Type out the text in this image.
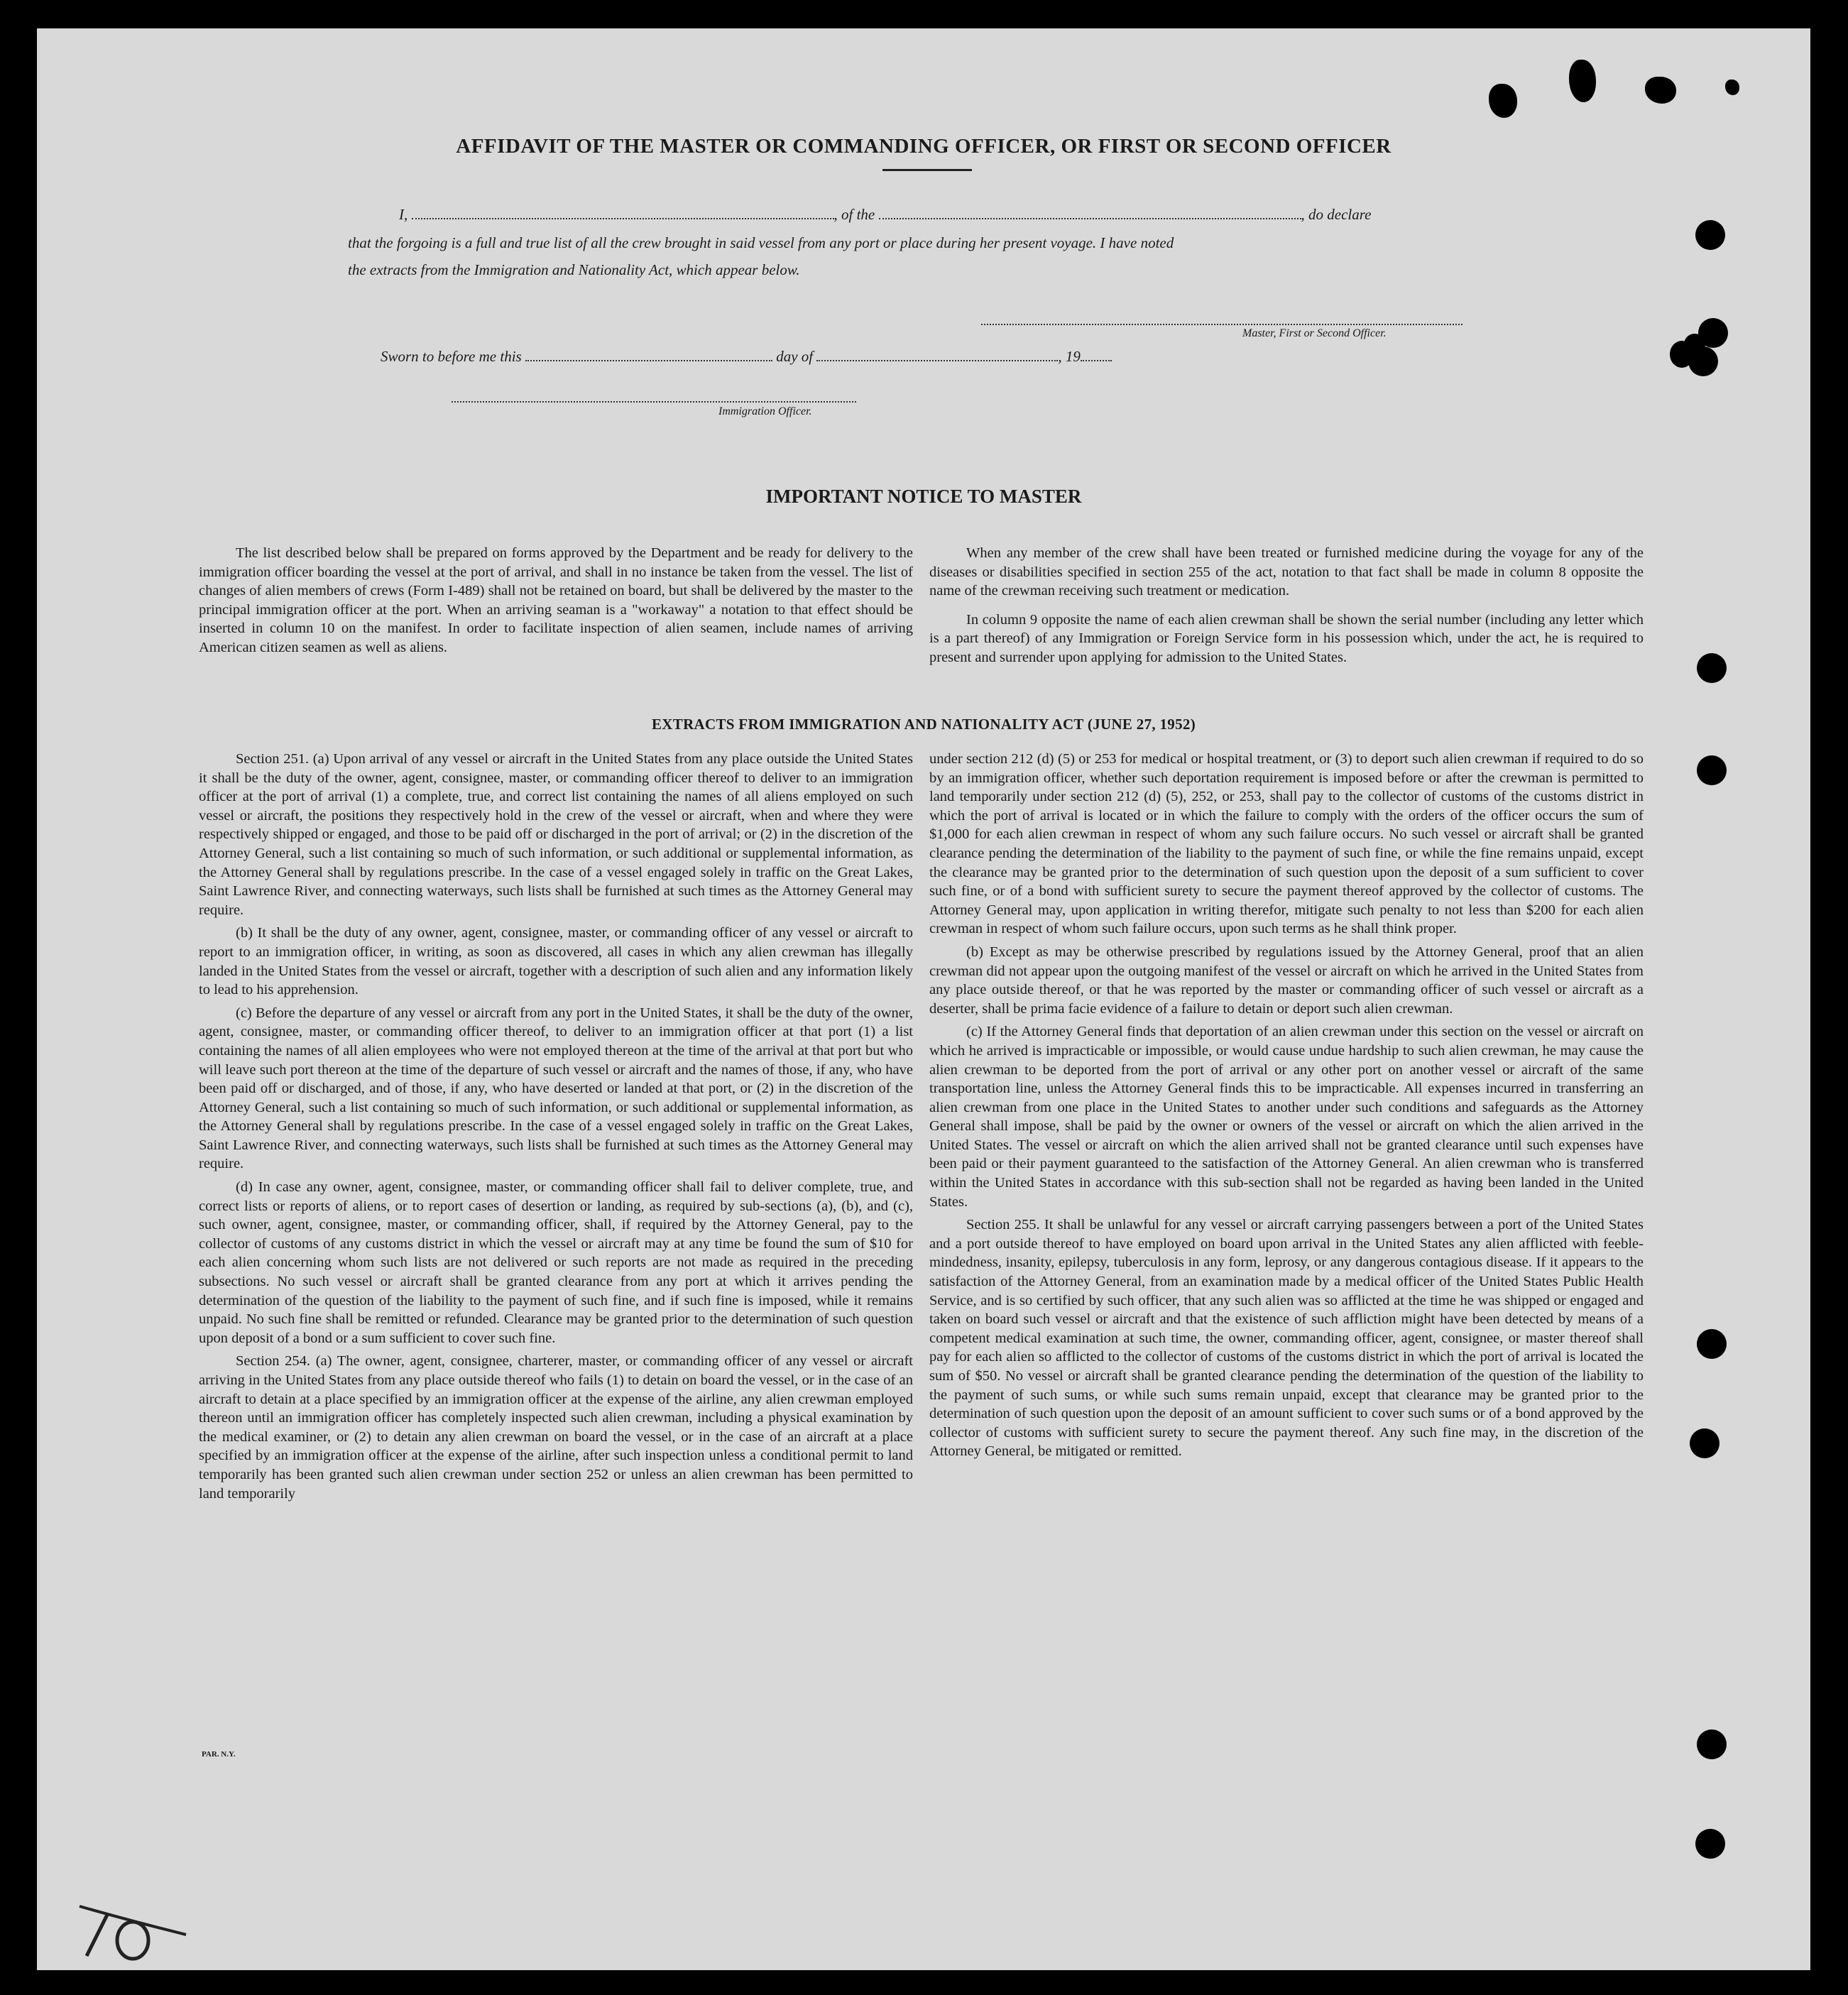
AFFIDAVIT OF THE MASTER OR COMMANDING OFFICER, OR FIRST OR SECOND OFFICER
I,	, of the	, do declare
that the forgoing is a full and true list of all the crew brought in said vessel from any port or place during her present voyage. I have noted
the extracts from the Immigration and Nationality Act, which appear below.
Master, First or Second Officer.
Sworn to before me this	day of	, 19
Immigration Officer.
IMPORTANT NOTICE TO MASTER

The list described below shall be prepared on forms approved by the Department and be ready for delivery to the immigration officer boarding the vessel at the port of arrival, and shall in no instance be taken from the vessel. The list of changes of alien members of crews (Form I-489) shall not be retained on board, but shall be delivered by the master to the principal immigration officer at the port. When an arriving seaman is a "workaway" a notation to that effect should be inserted in column 10 on the manifest. In order to facilitate inspection of alien seamen, include names of arriving American citizen seamen as well as aliens.

When any member of the crew shall have been treated or furnished medicine during the voyage for any of the diseases or disabilities specified in section 255 of the act, notation to that fact shall be made in column 8 opposite the name of the crewman receiving such treatment or medication.

In column 9 opposite the name of each alien crewman shall be shown the serial number (including any letter which is a part thereof) of any Immigration or Foreign Service form in his possession which, under the act, he is required to present and surrender upon applying for admission to the United States.

EXTRACTS FROM IMMIGRATION AND NATIONALITY ACT (JUNE 27, 1952)

Section 251. (a) Upon arrival of any vessel or aircraft in the United States from any place outside the United States it shall be the duty of the owner, agent, consignee, master, or commanding officer thereof to deliver to an immigration officer at the port of arrival (1) a complete, true, and correct list containing the names of all aliens employed on such vessel or aircraft, the positions they respectively hold in the crew of the vessel or aircraft, when and where they were respectively shipped or engaged, and those to be paid off or discharged in the port of arrival; or (2) in the discretion of the Attorney General, such a list containing so much of such information, or such additional or supplemental information, as the Attorney General shall by regulations prescribe. In the case of a vessel engaged solely in traffic on the Great Lakes, Saint Lawrence River, and connecting waterways, such lists shall be furnished at such times as the Attorney General may require.

(b) It shall be the duty of any owner, agent, consignee, master, or commanding officer of any vessel or aircraft to report to an immigration officer, in writing, as soon as discovered, all cases in which any alien crewman has illegally landed in the United States from the vessel or aircraft, together with a description of such alien and any information likely to lead to his apprehension.

(c) Before the departure of any vessel or aircraft from any port in the United States, it shall be the duty of the owner, agent, consignee, master, or commanding officer thereof, to deliver to an immigration officer at that port (1) a list containing the names of all alien employees who were not employed thereon at the time of the arrival at that port but who will leave such port thereon at the time of the departure of such vessel or aircraft and the names of those, if any, who have been paid off or discharged, and of those, if any, who have deserted or landed at that port, or (2) in the discretion of the Attorney General, such a list containing so much of such information, or such additional or supplemental information, as the Attorney General shall by regulations prescribe. In the case of a vessel engaged solely in traffic on the Great Lakes, Saint Lawrence River, and connecting waterways, such lists shall be furnished at such times as the Attorney General may require.

(d) In case any owner, agent, consignee, master, or commanding officer shall fail to deliver complete, true, and correct lists or reports of aliens, or to report cases of desertion or landing, as required by sub-sections (a), (b), and (c), such owner, agent, consignee, master, or commanding officer, shall, if required by the Attorney General, pay to the collector of customs of any customs district in which the vessel or aircraft may at any time be found the sum of $10 for each alien concerning whom such lists are not delivered or such reports are not made as required in the preceding subsections. No such vessel or aircraft shall be granted clearance from any port at which it arrives pending the determination of the question of the liability to the payment of such fine, and if such fine is imposed, while it remains unpaid. No such fine shall be remitted or refunded. Clearance may be granted prior to the determination of such question upon deposit of a bond or a sum sufficient to cover such fine.

Section 254. (a) The owner, agent, consignee, charterer, master, or commanding officer of any vessel or aircraft arriving in the United States from any place outside thereof who fails (1) to detain on board the vessel, or in the case of an aircraft to detain at a place specified by an immigration officer at the expense of the airline, any alien crewman employed thereon until an immigration officer has completely inspected such alien crewman, including a physical examination by the medical examiner, or (2) to detain any alien crewman on board the vessel, or in the case of an aircraft at a place specified by an immigration officer at the expense of the airline, after such inspection unless a conditional permit to land temporarily has been granted such alien crewman under section 252 or unless an alien crewman has been permitted to land temporarily

under section 212 (d) (5) or 253 for medical or hospital treatment, or (3) to deport such alien crewman if required to do so by an immigration officer, whether such deportation requirement is imposed before or after the crewman is permitted to land temporarily under section 212 (d) (5), 252, or 253, shall pay to the collector of customs of the customs district in which the port of arrival is located or in which the failure to comply with the orders of the officer occurs the sum of $1,000 for each alien crewman in respect of whom any such failure occurs. No such vessel or aircraft shall be granted clearance pending the determination of the liability to the payment of such fine, or while the fine remains unpaid, except the clearance may be granted prior to the determination of such question upon the deposit of a sum sufficient to cover such fine, or of a bond with sufficient surety to secure the payment thereof approved by the collector of customs. The Attorney General may, upon application in writing therefor, mitigate such penalty to not less than $200 for each alien crewman in respect of whom such failure occurs, upon such terms as he shall think proper.

(b) Except as may be otherwise prescribed by regulations issued by the Attorney General, proof that an alien crewman did not appear upon the outgoing manifest of the vessel or aircraft on which he arrived in the United States from any place outside thereof, or that he was reported by the master or commanding officer of such vessel or aircraft as a deserter, shall be prima facie evidence of a failure to detain or deport such alien crewman.

(c) If the Attorney General finds that deportation of an alien crewman under this section on the vessel or aircraft on which he arrived is impracticable or impossible, or would cause undue hardship to such alien crewman, he may cause the alien crewman to be deported from the port of arrival or any other port on another vessel or aircraft of the same transportation line, unless the Attorney General finds this to be impracticable. All expenses incurred in transferring an alien crewman from one place in the United States to another under such conditions and safeguards as the Attorney General shall impose, shall be paid by the owner or owners of the vessel or aircraft on which the alien arrived in the United States. The vessel or aircraft on which the alien arrived shall not be granted clearance until such expenses have been paid or their payment guaranteed to the satisfaction of the Attorney General. An alien crewman who is transferred within the United States in accordance with this sub-section shall not be regarded as having been landed in the United States.

Section 255. It shall be unlawful for any vessel or aircraft carrying passengers between a port of the United States and a port outside thereof to have employed on board upon arrival in the United States any alien afflicted with feeble-mindedness, insanity, epilepsy, tuberculosis in any form, leprosy, or any dangerous contagious disease. If it appears to the satisfaction of the Attorney General, from an examination made by a medical officer of the United States Public Health Service, and is so certified by such officer, that any such alien was so afflicted at the time he was shipped or engaged and taken on board such vessel or aircraft and that the existence of such affliction might have been detected by means of a competent medical examination at such time, the owner, commanding officer, agent, consignee, or master thereof shall pay for each alien so afflicted to the collector of customs of the customs district in which the port of arrival is located the sum of $50. No vessel or aircraft shall be granted clearance pending the determination of the question of the liability to the payment of such sums, or while such sums remain unpaid, except that clearance may be granted prior to the determination of such question upon the deposit of an amount sufficient to cover such sums or of a bond approved by the collector of customs with sufficient surety to secure the payment thereof. Any such fine may, in the discretion of the Attorney General, be mitigated or remitted.

PAR. N.Y.
